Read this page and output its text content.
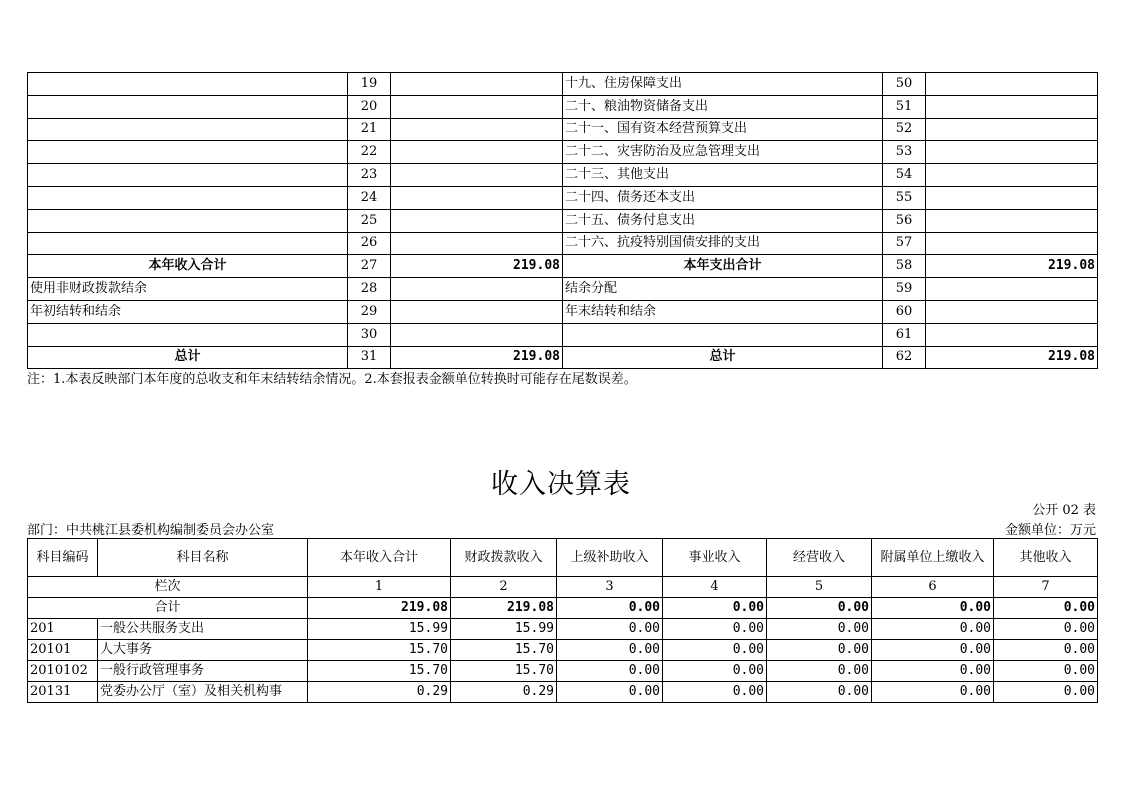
	19		十九、住房保障支出	50	
	20		二十、粮油物资储备支出	51	
	21		二十一、国有资本经营预算支出	52	
	22		二十二、灾害防治及应急管理支出	53	
	23		二十三、其他支出	54	
	24		二十四、债务还本支出	55	
	25		二十五、债务付息支出	56	
	26		二十六、抗疫特别国债安排的支出	57	
本年收入合计	27	219.08	本年支出合计	58	219.08
使用非财政拨款结余	28		结余分配	59	
年初结转和结余	29		年末结转和结余	60	
	30			61	
总计	31	219.08	总计	62	219.08
注：1.本表反映部门本年度的总收支和年末结转结余情况。2.本套报表金额单位转换时可能存在尾数误差。
收入决算表
公开 02 表
部门：中共桃江县委机构编制委员会办公室	金额单位：万元
科目编码	科目名称	本年收入合计	财政拨款收入	上级补助收入	事业收入	经营收入	附属单位上缴收入	其他收入
栏次		1	2	3	4	5	6	7
合计		219.08	219.08	0.00	0.00	0.00	0.00	0.00
201	一般公共服务支出	15.99	15.99	0.00	0.00	0.00	0.00	0.00
20101	人大事务	15.70	15.70	0.00	0.00	0.00	0.00	0.00
2010102	一般行政管理事务	15.70	15.70	0.00	0.00	0.00	0.00	0.00
20131	党委办公厅（室）及相关机构事	0.29	0.29	0.00	0.00	0.00	0.00	0.00
